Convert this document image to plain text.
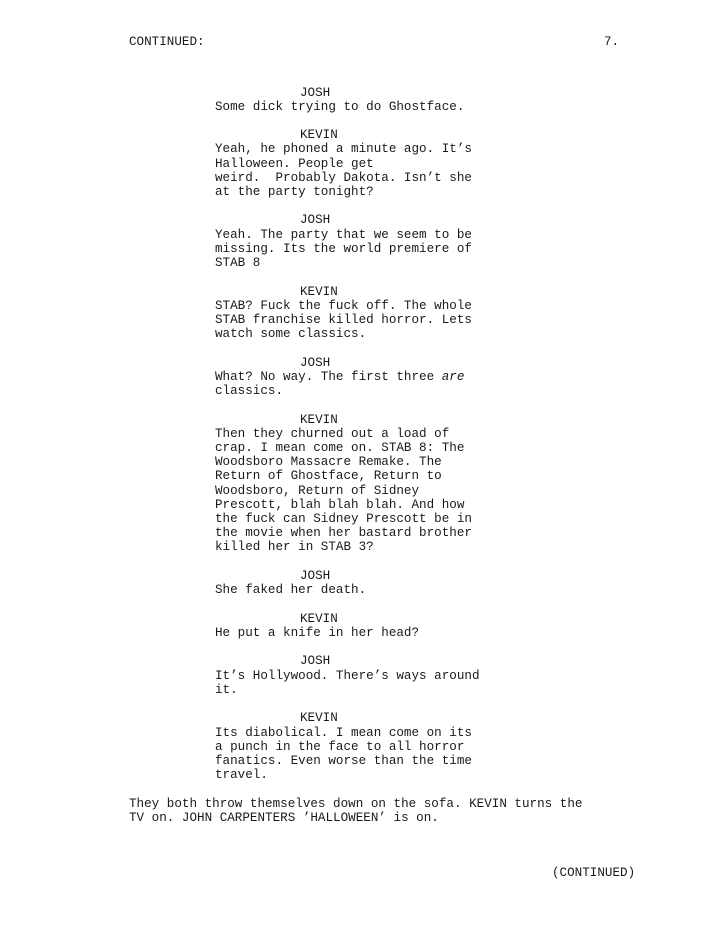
CONTINUED:	7.
JOSH
Some dick trying to do Ghostface.
KEVIN
Yeah, he phoned a minute ago. It’s
Halloween. People get
weird.  Probably Dakota. Isn’t she
at the party tonight?
JOSH
Yeah. The party that we seem to be
missing. Its the world premiere of
STAB 8
KEVIN
STAB? Fuck the fuck off. The whole
STAB franchise killed horror. Lets
watch some classics.
JOSH
What? No way. The first three are
classics.
KEVIN
Then they churned out a load of
crap. I mean come on. STAB 8: The
Woodsboro Massacre Remake. The
Return of Ghostface, Return to
Woodsboro, Return of Sidney
Prescott, blah blah blah. And how
the fuck can Sidney Prescott be in
the movie when her bastard brother
killed her in STAB 3?
JOSH
She faked her death.
KEVIN
He put a knife in her head?
JOSH
It’s Hollywood. There’s ways around
it.
KEVIN
Its diabolical. I mean come on its
a punch in the face to all horror
fanatics. Even worse than the time
travel.
They both throw themselves down on the sofa. KEVIN turns the
TV on. JOHN CARPENTERS ’HALLOWEEN’ is on.
(CONTINUED)
